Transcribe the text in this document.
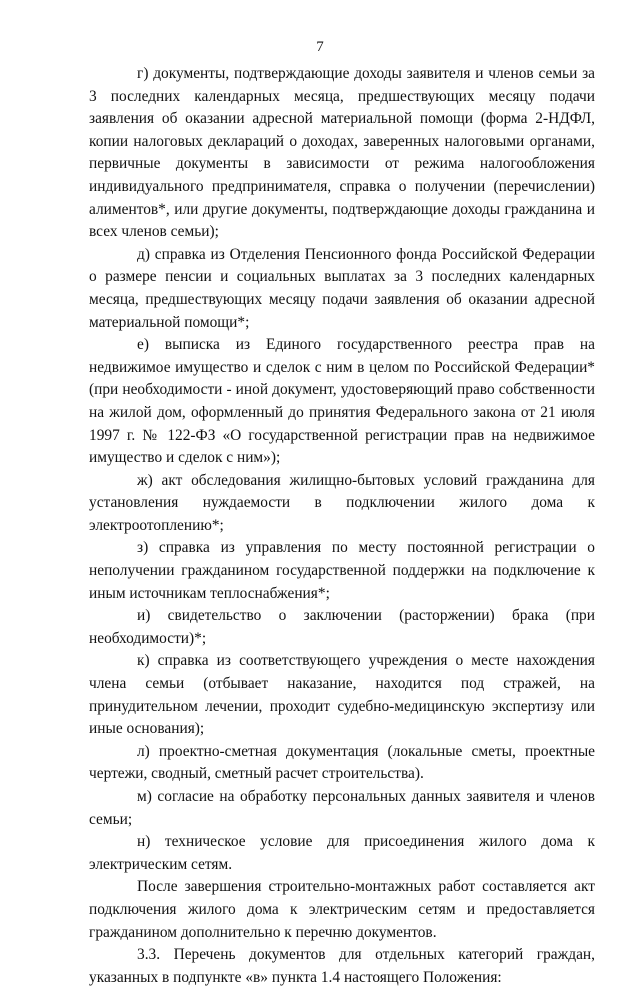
7

г) документы, подтверждающие доходы заявителя и членов семьи за 3 последних календарных месяца, предшествующих месяцу подачи заявления об оказании адресной материальной помощи (форма 2-НДФЛ, копии налоговых деклараций о доходах, заверенных налоговыми органами, первичные документы в зависимости от режима налогообложения индивидуального предпринимателя, справка о получении (перечислении) алиментов*, или другие документы, подтверждающие доходы гражданина и всех членов семьи);

д) справка из Отделения Пенсионного фонда Российской Федерации о размере пенсии и социальных выплатах за 3 последних календарных месяца, предшествующих месяцу подачи заявления об оказании адресной материальной помощи*;

е) выписка из Единого государственного реестра прав на недвижимое имущество и сделок с ним в целом по Российской Федерации* (при необходимости - иной документ, удостоверяющий право собственности на жилой дом, оформленный до принятия Федерального закона от 21 июля 1997 г. № 122-ФЗ «О государственной регистрации прав на недвижимое имущество и сделок с ним»);

ж) акт обследования жилищно-бытовых условий гражданина для установления нуждаемости в подключении жилого дома к электроотоплению*;

з) справка из управления по месту постоянной регистрации о неполучении гражданином государственной поддержки на подключение к иным источникам теплоснабжения*;

и) свидетельство о заключении (расторжении) брака (при необходимости)*;

к) справка из соответствующего учреждения о месте нахождения члена семьи (отбывает наказание, находится под стражей, на принудительном лечении, проходит судебно-медицинскую экспертизу или иные основания);

л) проектно-сметная документация (локальные сметы, проектные чертежи, сводный, сметный расчет строительства).

м) согласие на обработку персональных данных заявителя и членов семьи;

н) техническое условие для присоединения жилого дома к электрическим сетям.

После завершения строительно-монтажных работ составляется акт подключения жилого дома к электрическим сетям и предоставляется гражданином дополнительно к перечню документов.

3.3. Перечень документов для отдельных категорий граждан, указанных в подпункте «в» пункта 1.4 настоящего Положения:
